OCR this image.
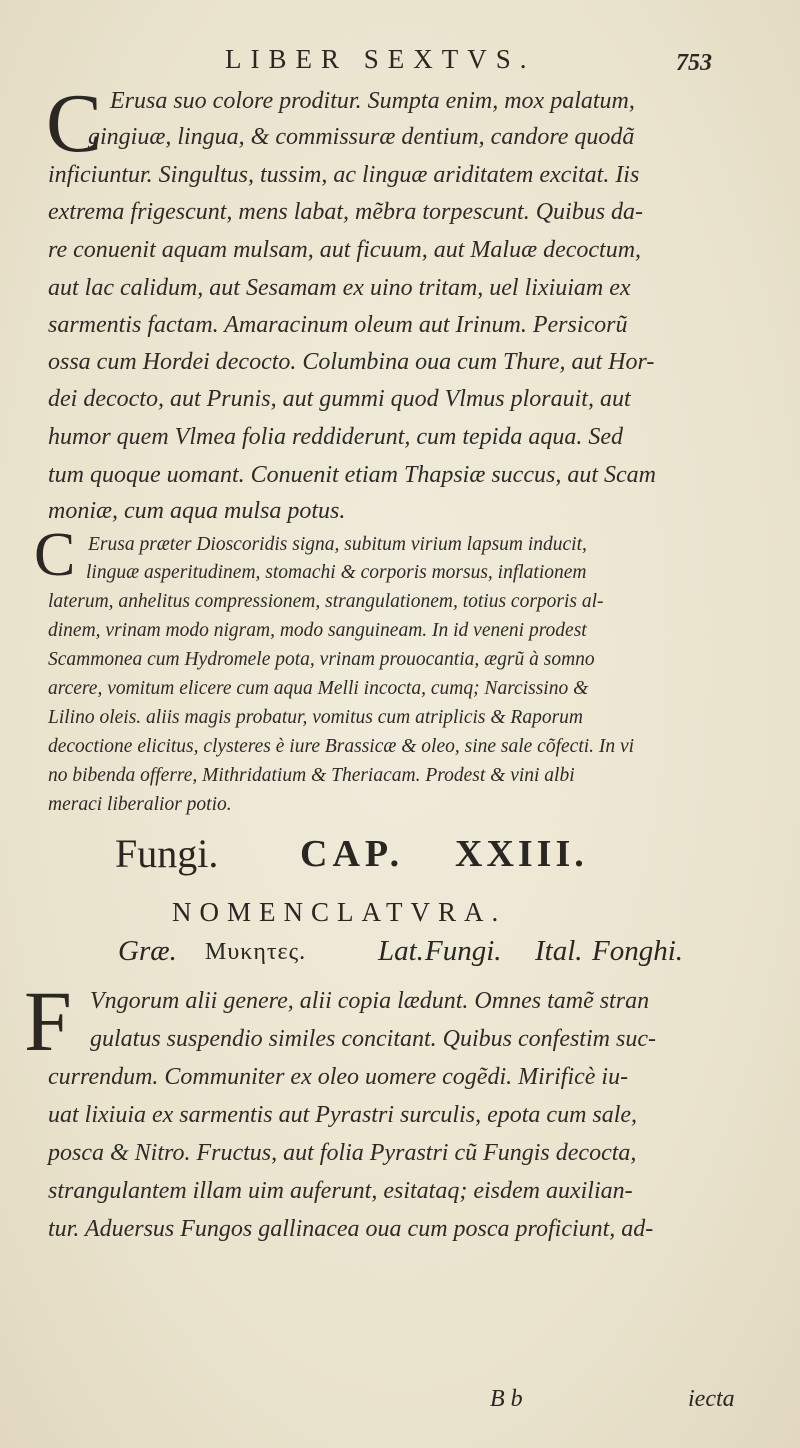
LIBER SEXTVS.	753
C Erusa suo colore proditur. Sumpta enim, mox palatum,
gingiuæ, lingua, & commissuræ dentium, candore quodã
inficiuntur. Singultus, tussim, ac linguæ ariditatem excitat. Iis
extrema frigescunt, mens labat, mẽbra torpescunt. Quibus da-
re conuenit aquam mulsam, aut ficuum, aut Maluæ decoctum,
aut lac calidum, aut Sesamam ex uino tritam, uel lixiuiam ex
sarmentis factam. Amaracinum oleum aut Irinum. Persicorũ
ossa cum Hordei decocto. Columbina oua cum Thure, aut Hor-
dei decocto, aut Prunis, aut gummi quod Vlmus plorauit, aut
humor quem Vlmea folia reddiderunt, cum tepida aqua. Sed
tum quoque uomant. Conuenit etiam Thapsiæ succus, aut Scam
moniæ, cum aqua mulsa potus.
C Erusa præter Dioscoridis signa, subitum virium lapsum inducit,
linguæ asperitudinem, stomachi & corporis morsus, inflationem
laterum, anhelitus compressionem, strangulationem, totius corporis al-
dinem, vrinam modo nigram, modo sanguineam. In id veneni prodest
Scammonea cum Hydromele pota, vrinam prouocantia, ægrũ à somno
arcere, vomitum elicere cum aqua Melli incocta, cumq; Narcissino &
Lilino oleis. aliis magis probatur, vomitus cum atriplicis & Raporum
decoctione elicitus, clysteres è iure Brassicæ & oleo, sine sale cõfecti. In vi
no bibenda offerre, Mithridatium & Theriacam. Prodest & vini albi
meraci liberalior potio.
Fungi. CAP. XXIII.
NOMENCLATVRA.
Græ. Μυκητες. Lat. Fungi. Ital. Fonghi.
F Vngorum alii genere, alii copia lædunt. Omnes tamẽ stran
gulatus suspendio similes concitant. Quibus confestim suc-
currendum. Communiter ex oleo uomere cogẽdi. Mirificè iu-
uat lixiuia ex sarmentis aut Pyrastri surculis, epota cum sale,
posca & Nitro. Fructus, aut folia Pyrastri cũ Fungis decocta,
strangulantem illam uim auferunt, esitataq; eisdem auxilian-
tur. Aduersus Fungos gallinacea oua cum posca proficiunt, ad-
B b	iecta
